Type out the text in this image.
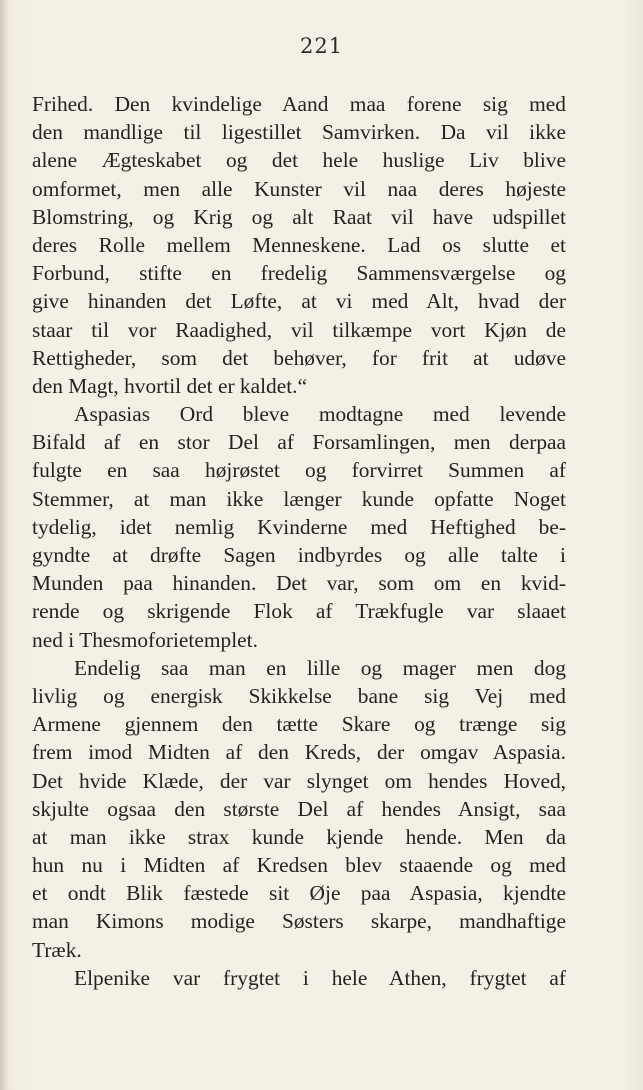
221
Frihed. Den kvindelige Aand maa forene sig med
den mandlige til ligestillet Samvirken. Da vil ikke
alene Ægteskabet og det hele huslige Liv blive
omformet, men alle Kunster vil naa deres højeste
Blomstring, og Krig og alt Raat vil have udspillet
deres Rolle mellem Menneskene. Lad os slutte et
Forbund, stifte en fredelig Sammensværgelse og
give hinanden det Løfte, at vi med Alt, hvad der
staar til vor Raadighed, vil tilkæmpe vort Kjøn de
Rettigheder, som det behøver, for frit at udøve
den Magt, hvortil det er kaldet.“
Aspasias Ord bleve modtagne med levende
Bifald af en stor Del af Forsamlingen, men derpaa
fulgte en saa højrøstet og forvirret Summen af
Stemmer, at man ikke længer kunde opfatte Noget
tydelig, idet nemlig Kvinderne med Heftighed be-
gyndte at drøfte Sagen indbyrdes og alle talte i
Munden paa hinanden. Det var, som om en kvid-
rende og skrigende Flok af Trækfugle var slaaet
ned i Thesmoforietemplet.
Endelig saa man en lille og mager men dog
livlig og energisk Skikkelse bane sig Vej med
Armene gjennem den tætte Skare og trænge sig
frem imod Midten af den Kreds, der omgav Aspasia.
Det hvide Klæde, der var slynget om hendes Hoved,
skjulte ogsaa den største Del af hendes Ansigt, saa
at man ikke strax kunde kjende hende. Men da
hun nu i Midten af Kredsen blev staaende og med
et ondt Blik fæstede sit Øje paa Aspasia, kjendte
man Kimons modige Søsters skarpe, mandhaftige
Træk.
Elpenike var frygtet i hele Athen, frygtet af
